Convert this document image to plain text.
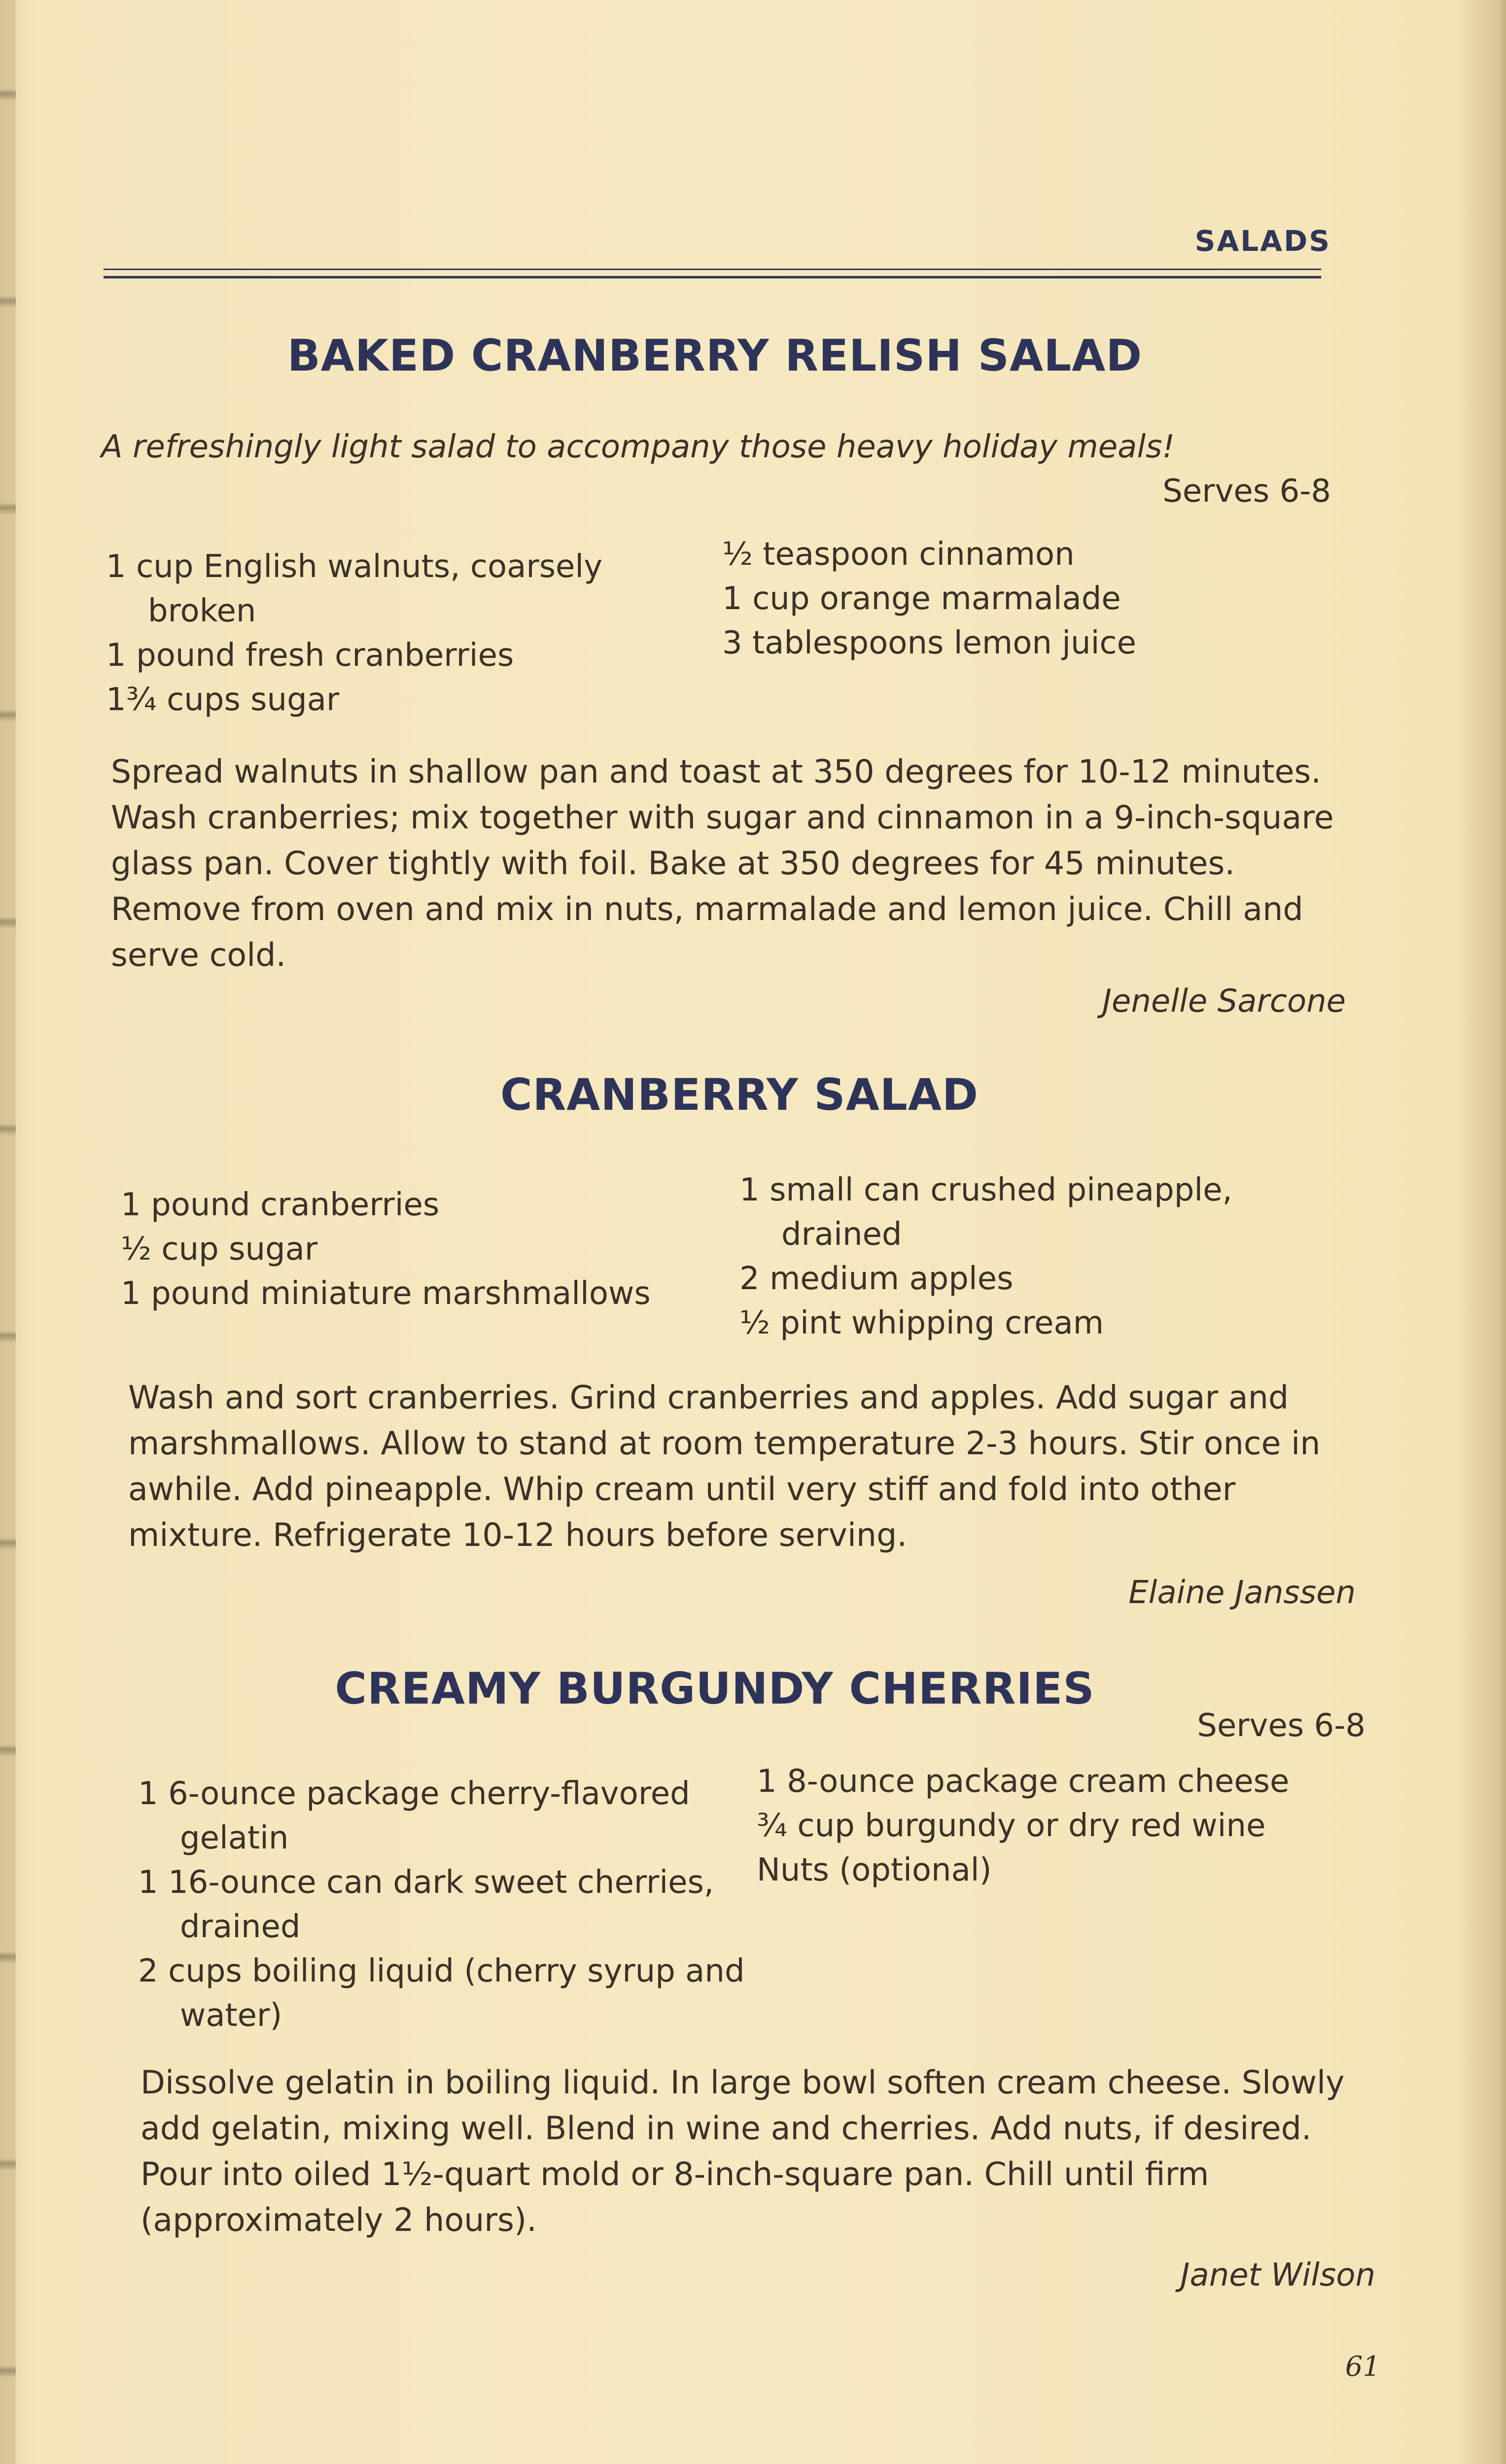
SALADS
BAKED CRANBERRY RELISH SALAD
A refreshingly light salad to accompany those heavy holiday meals!
Serves 6-8
1 cup English walnuts, coarsely broken
1 pound fresh cranberries
1¾ cups sugar
½ teaspoon cinnamon
1 cup orange marmalade
3 tablespoons lemon juice
Spread walnuts in shallow pan and toast at 350 degrees for 10-12 minutes. Wash cranberries; mix together with sugar and cinnamon in a 9-inch-square glass pan. Cover tightly with foil. Bake at 350 degrees for 45 minutes. Remove from oven and mix in nuts, marmalade and lemon juice. Chill and serve cold.
Jenelle Sarcone
CRANBERRY SALAD
1 pound cranberries
½ cup sugar
1 pound miniature marshmallows
1 small can crushed pineapple, drained
2 medium apples
½ pint whipping cream
Wash and sort cranberries. Grind cranberries and apples. Add sugar and marshmallows. Allow to stand at room temperature 2-3 hours. Stir once in awhile. Add pineapple. Whip cream until very stiff and fold into other mixture. Refrigerate 10-12 hours before serving.
Elaine Janssen
CREAMY BURGUNDY CHERRIES
Serves 6-8
1 6-ounce package cherry-flavored gelatin
1 16-ounce can dark sweet cherries, drained
2 cups boiling liquid (cherry syrup and water)
1 8-ounce package cream cheese
¾ cup burgundy or dry red wine
Nuts (optional)
Dissolve gelatin in boiling liquid. In large bowl soften cream cheese. Slowly add gelatin, mixing well. Blend in wine and cherries. Add nuts, if desired. Pour into oiled 1½-quart mold or 8-inch-square pan. Chill until firm (approximately 2 hours).
Janet Wilson
61
